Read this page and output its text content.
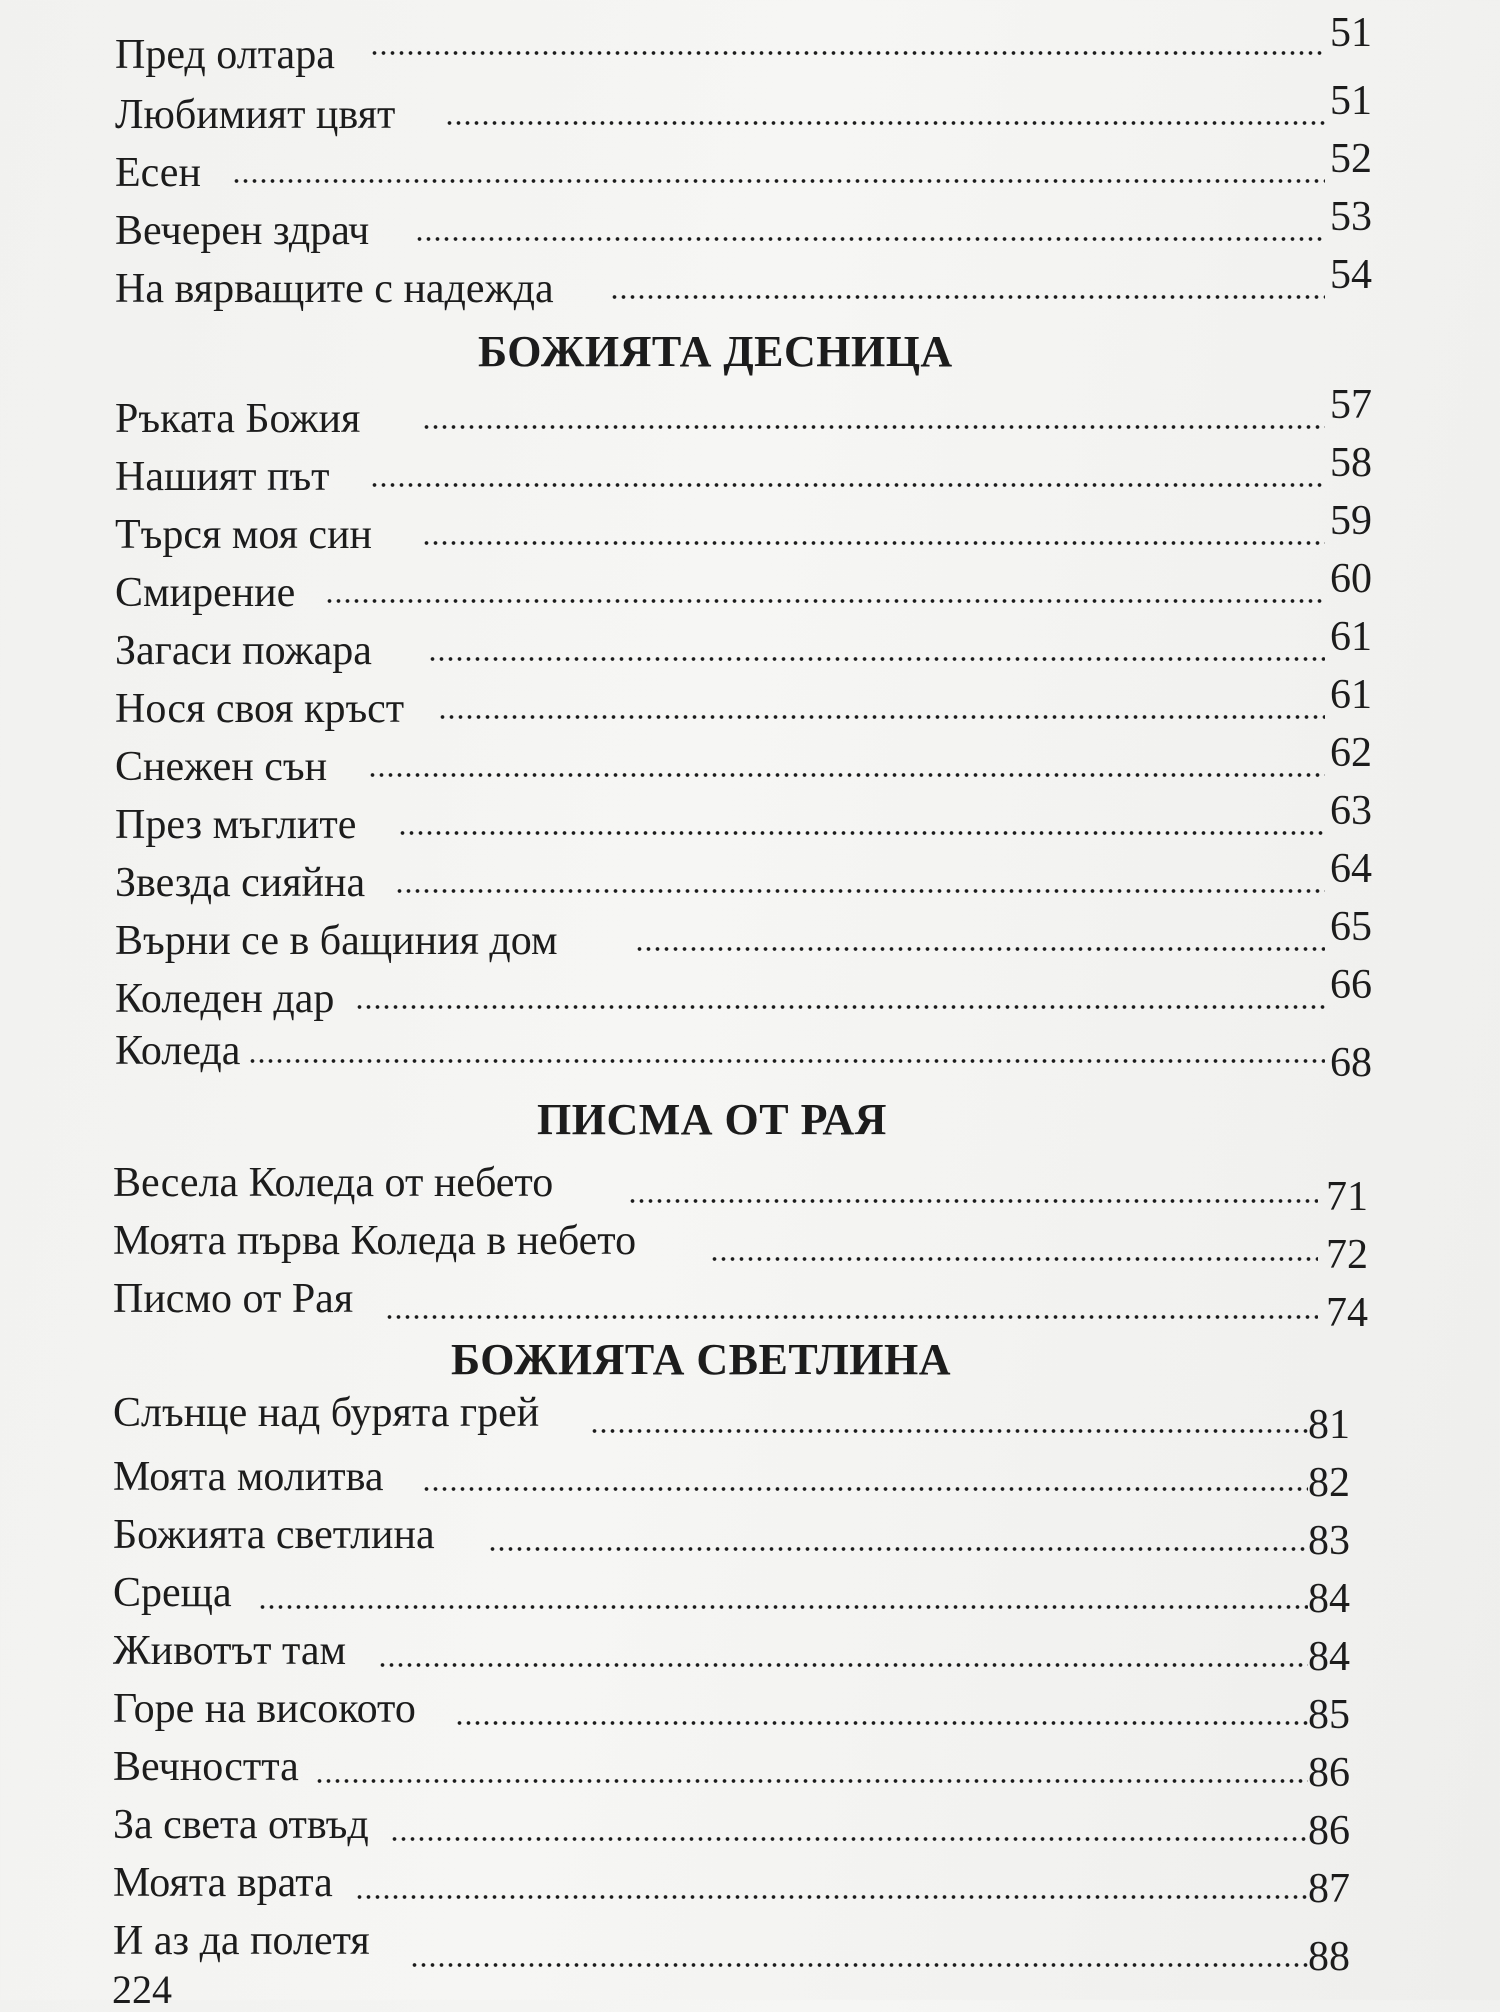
Пред олтара	51
Любимият цвят	51
Есен	52
Вечерен здрач	53
На вярващите с надежда	54
БОЖИЯТА ДЕСНИЦА
Ръката Божия	57
Нашият път	58
Търся моя син	59
Смирение	60
Загаси пожара	61
Нося своя кръст	61
Снежен сън	62
През мъглите	63
Звезда сияйна	64
Върни се в бащиния дом	65
Коледен дар	66
Коледа	68
ПИСМА ОТ РАЯ
Весела Коледа от небето	71
Моята първа Коледа в небето	72
Писмо от Рая	74
БОЖИЯТА СВЕТЛИНА
Слънце над бурята грей	81
Моята молитва	82
Божията светлина	83
Среща	84
Животът там	84
Горе на високото	85
Вечността	86
За света отвъд	86
Моята врата	87
И аз да полетя	88
224
